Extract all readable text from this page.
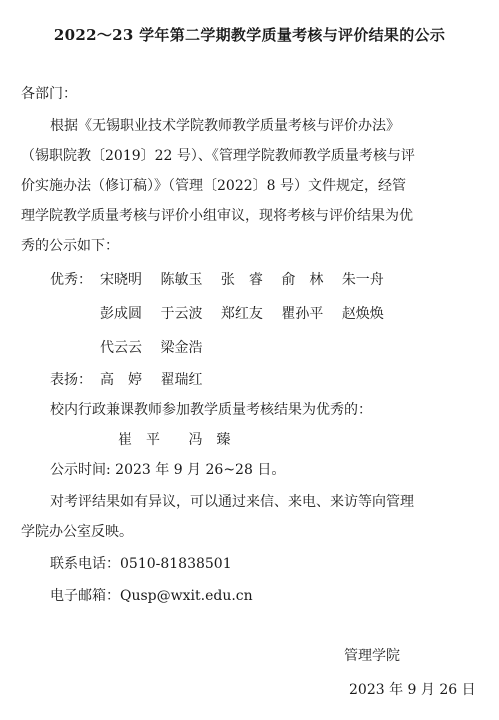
2022～23 学年第二学期教学质量考核与评价结果的公示
各部门：
根据《无锡职业技术学院教师教学质量考核与评价办法》
（锡职院教〔2019〕22 号）、《管理学院教师教学质量考核与评
价实施办法（修订稿）》（管理〔2022〕8 号）文件规定，经管
理学院教学质量考核与评价小组审议，现将考核与评价结果为优
秀的公示如下：
优秀： 宋晓明 陈敏玉 张　睿 俞　林 朱一舟
彭成圆 于云波 郑红友 瞿孙平 赵焕焕
代云云 梁金浩
表扬： 高　婷 翟瑞红
校内行政兼课教师参加教学质量考核结果为优秀的：
崔　平 冯　臻
公示时间: 2023 年 9 月 26~28 日。
对考评结果如有异议，可以通过来信、来电、来访等向管理
学院办公室反映。
联系电话：0510-81838501
电子邮箱：Qusp@wxit.edu.cn
管理学院
2023 年 9 月 26 日
